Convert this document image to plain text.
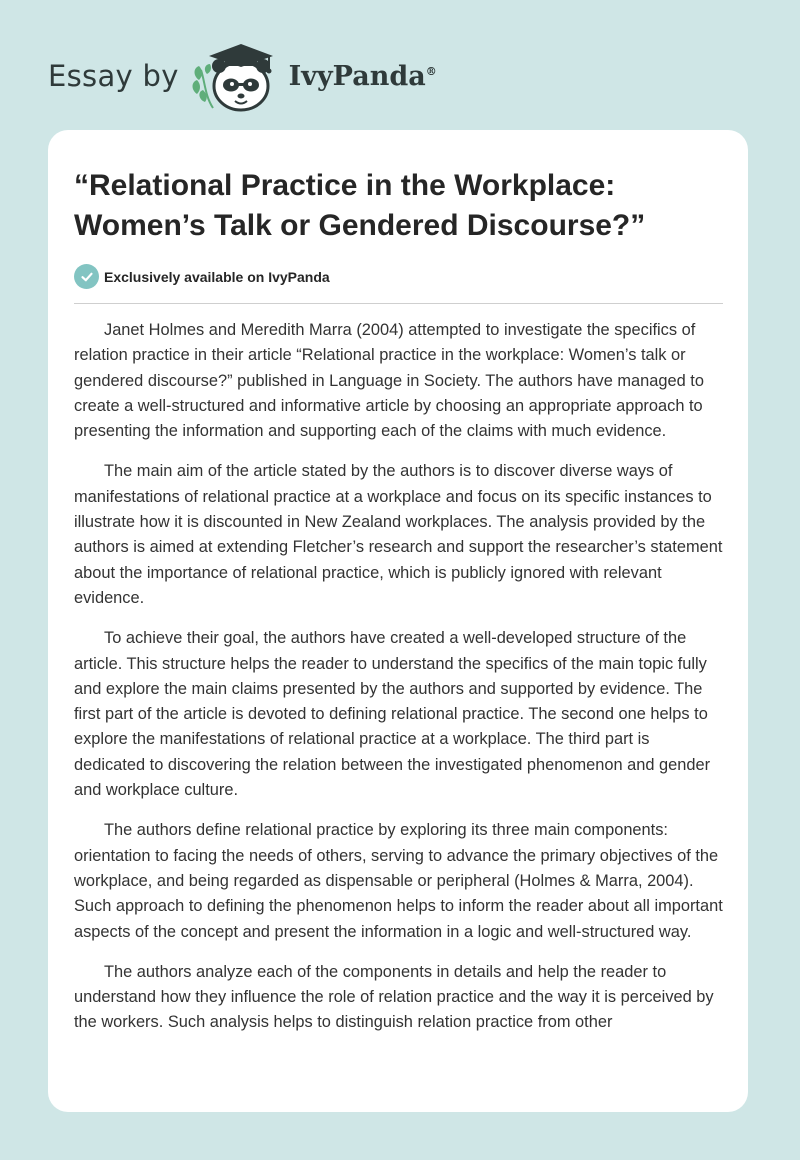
Essay by	IvyPanda®
“Relational Practice in the Workplace: Women’s Talk or Gendered Discourse?”
Exclusively available on IvyPanda

Janet Holmes and Meredith Marra (2004) attempted to investigate the specifics of relation practice in their article “Relational practice in the workplace: Women’s talk or gendered discourse?” published in Language in Society. The authors have managed to create a well-structured and informative article by choosing an appropriate approach to presenting the information and supporting each of the claims with much evidence.

The main aim of the article stated by the authors is to discover diverse ways of manifestations of relational practice at a workplace and focus on its specific instances to illustrate how it is discounted in New Zealand workplaces. The analysis provided by the authors is aimed at extending Fletcher’s research and support the researcher’s statement about the importance of relational practice, which is publicly ignored with relevant evidence.

To achieve their goal, the authors have created a well-developed structure of the article. This structure helps the reader to understand the specifics of the main topic fully and explore the main claims presented by the authors and supported by evidence. The first part of the article is devoted to defining relational practice. The second one helps to explore the manifestations of relational practice at a workplace. The third part is dedicated to discovering the relation between the investigated phenomenon and gender and workplace culture.

The authors define relational practice by exploring its three main components: orientation to facing the needs of others, serving to advance the primary objectives of the workplace, and being regarded as dispensable or peripheral (Holmes & Marra, 2004). Such approach to defining the phenomenon helps to inform the reader about all important aspects of the concept and present the information in a logic and well-structured way.

The authors analyze each of the components in details and help the reader to understand how they influence the role of relation practice and the way it is perceived by the workers. Such analysis helps to distinguish relation practice from other
